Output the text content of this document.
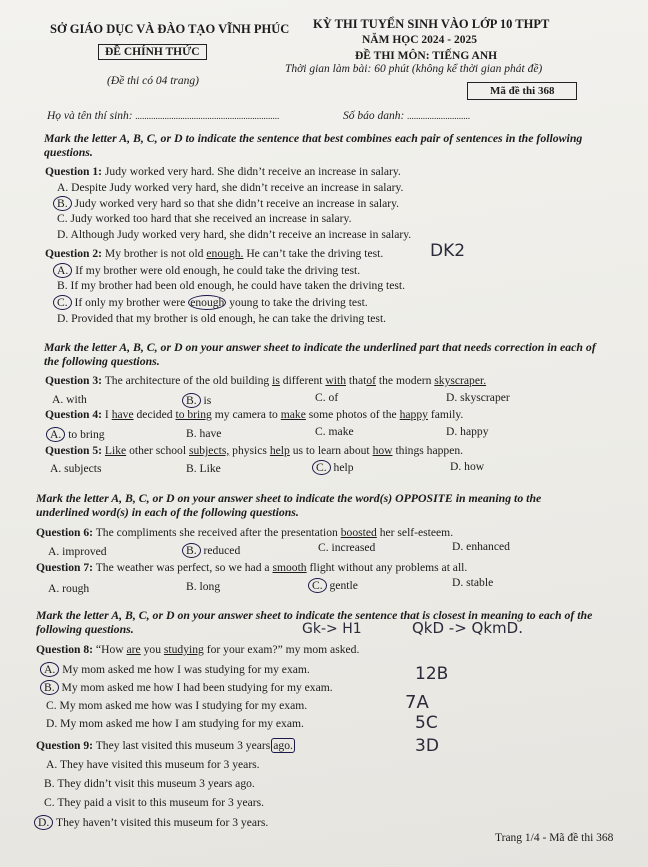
SỞ GIÁO DỤC VÀ ĐÀO TẠO VĨNH PHÚC
ĐỀ CHÍNH THỨC
(Đề thi có 04 trang)
KỲ THI TUYỂN SINH VÀO LỚP 10 THPT
NĂM HỌC 2024 - 2025
ĐỀ THI MÔN: TIẾNG ANH
Thời gian làm bài: 60 phút (không kể thời gian phát đề)
Mã đề thi 368
Họ và tên thí sinh: ................................................................	Số báo danh: ............................
Mark the letter A, B, C, or D to indicate the sentence that best combines each pair of sentences in the following questions.
Question 1: Judy worked very hard. She didn’t receive an increase in salary.
A. Despite Judy worked very hard, she didn’t receive an increase in salary.
B. Judy worked very hard so that she didn’t receive an increase in salary.
C. Judy worked too hard that she received an increase in salary.
D. Although Judy worked very hard, she didn’t receive an increase in salary.
Question 2: My brother is not old enough. He can’t take the driving test.
A. If my brother were old enough, he could take the driving test.
B. If my brother had been old enough, he could have taken the driving test.
C. If only my brother were enough young to take the driving test.
D. Provided that my brother is old enough, he can take the driving test.
Mark the letter A, B, C, or D on your answer sheet to indicate the underlined part that needs correction in each of the following questions.
Question 3: The architecture of the old building is different with thatof the modern skyscraper.
A. with	B. is	C. of	D. skyscraper
Question 4: I have decided to bring my camera to make some photos of the happy family.
A. to bring	B. have	C. make	D. happy
Question 5: Like other school subjects, physics help us to learn about how things happen.
A. subjects	B. Like	C. help	D. how
Mark the letter A, B, C, or D on your answer sheet to indicate the word(s) OPPOSITE in meaning to the underlined word(s) in each of the following questions.
Question 6: The compliments she received after the presentation boosted her self-esteem.
A. improved	B. reduced	C. increased	D. enhanced
Question 7: The weather was perfect, so we had a smooth flight without any problems at all.
A. rough	B. long	C. gentle	D. stable
Mark the letter A, B, C, or D on your answer sheet to indicate the sentence that is closest in meaning to each of the following questions.
Question 8: “How are you studying for your exam?” my mom asked.
A. My mom asked me how I was studying for my exam.
B. My mom asked me how I had been studying for my exam.
C. My mom asked me how was I studying for my exam.
D. My mom asked me how I am studying for my exam.
Question 9: They last visited this museum 3 years ago.
A. They have visited this museum for 3 years.
B. They didn’t visit this museum 3 years ago.
C. They paid a visit to this museum for 3 years.
D. They haven’t visited this museum for 3 years.
Trang 1/4 - Mã đề thi 368
DK2
Gk-> H1	QkD -> QkmD.
12B
7A
5C
3D
